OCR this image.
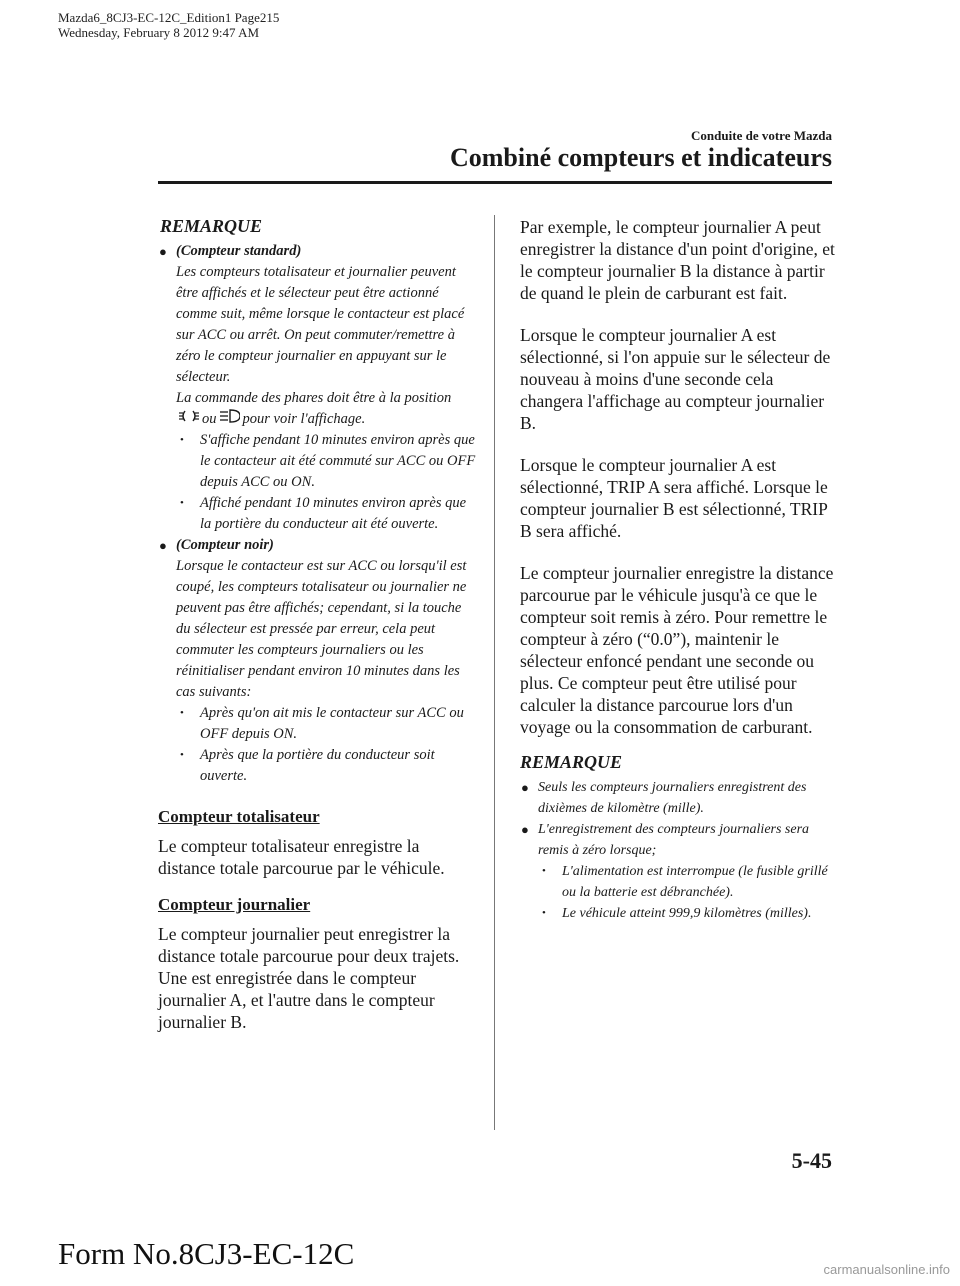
Mazda6_8CJ3-EC-12C_Edition1 Page215
Wednesday, February 8 2012 9:47 AM
Conduite de votre Mazda
Combiné compteurs et indicateurs
REMARQUE
● (Compteur standard)
Les compteurs totalisateur et journalier peuvent être affichés et le sélecteur peut être actionné comme suit, même lorsque le contacteur est placé sur ACC ou arrêt. On peut commuter/remettre à zéro le compteur journalier en appuyant sur le sélecteur.
La commande des phares doit être à la positionou pour voir l'affichage.
• S'affiche pendant 10 minutes environ après que le contacteur ait été commuté sur ACC ou OFF depuis ACC ou ON.
• Affiché pendant 10 minutes environ après que la portière du conducteur ait été ouverte.
● (Compteur noir)
Lorsque le contacteur est sur ACC ou lorsqu'il est coupé, les compteurs totalisateur ou journalier ne peuvent pas être affichés; cependant, si la touche du sélecteur est pressée par erreur, cela peut commuter les compteurs journaliers ou les réinitialiser pendant environ 10 minutes dans les cas suivants:
• Après qu'on ait mis le contacteur sur ACC ou OFF depuis ON.
• Après que la portière du conducteur soit ouverte.
Compteur totalisateur
Le compteur totalisateur enregistre la distance totale parcourue par le véhicule.
Compteur journalier
Le compteur journalier peut enregistrer la distance totale parcourue pour deux trajets. Une est enregistrée dans le compteur journalier A, et l'autre dans le compteur journalier B.
Par exemple, le compteur journalier A peut enregistrer la distance d'un point d'origine, et le compteur journalier B la distance à partir de quand le plein de carburant est fait.
Lorsque le compteur journalier A est sélectionné, si l'on appuie sur le sélecteur de nouveau à moins d'une seconde cela changera l'affichage au compteur journalier B.
Lorsque le compteur journalier A est sélectionné, TRIP A sera affiché. Lorsque le compteur journalier B est sélectionné, TRIP B sera affiché.
Le compteur journalier enregistre la distance parcourue par le véhicule jusqu'à ce que le compteur soit remis à zéro. Pour remettre le compteur à zéro (“0.0”), maintenir le sélecteur enfoncé pendant une seconde ou plus. Ce compteur peut être utilisé pour calculer la distance parcourue lors d'un voyage ou la consommation de carburant.
REMARQUE
● Seuls les compteurs journaliers enregistrent des dixièmes de kilomètre (mille).
● L'enregistrement des compteurs journaliers sera remis à zéro lorsque;
• L'alimentation est interrompue (le fusible grillé ou la batterie est débranchée).
• Le véhicule atteint 999,9 kilomètres (milles).
5-45
Form No.8CJ3-EC-12C	carmanualsonline.info
